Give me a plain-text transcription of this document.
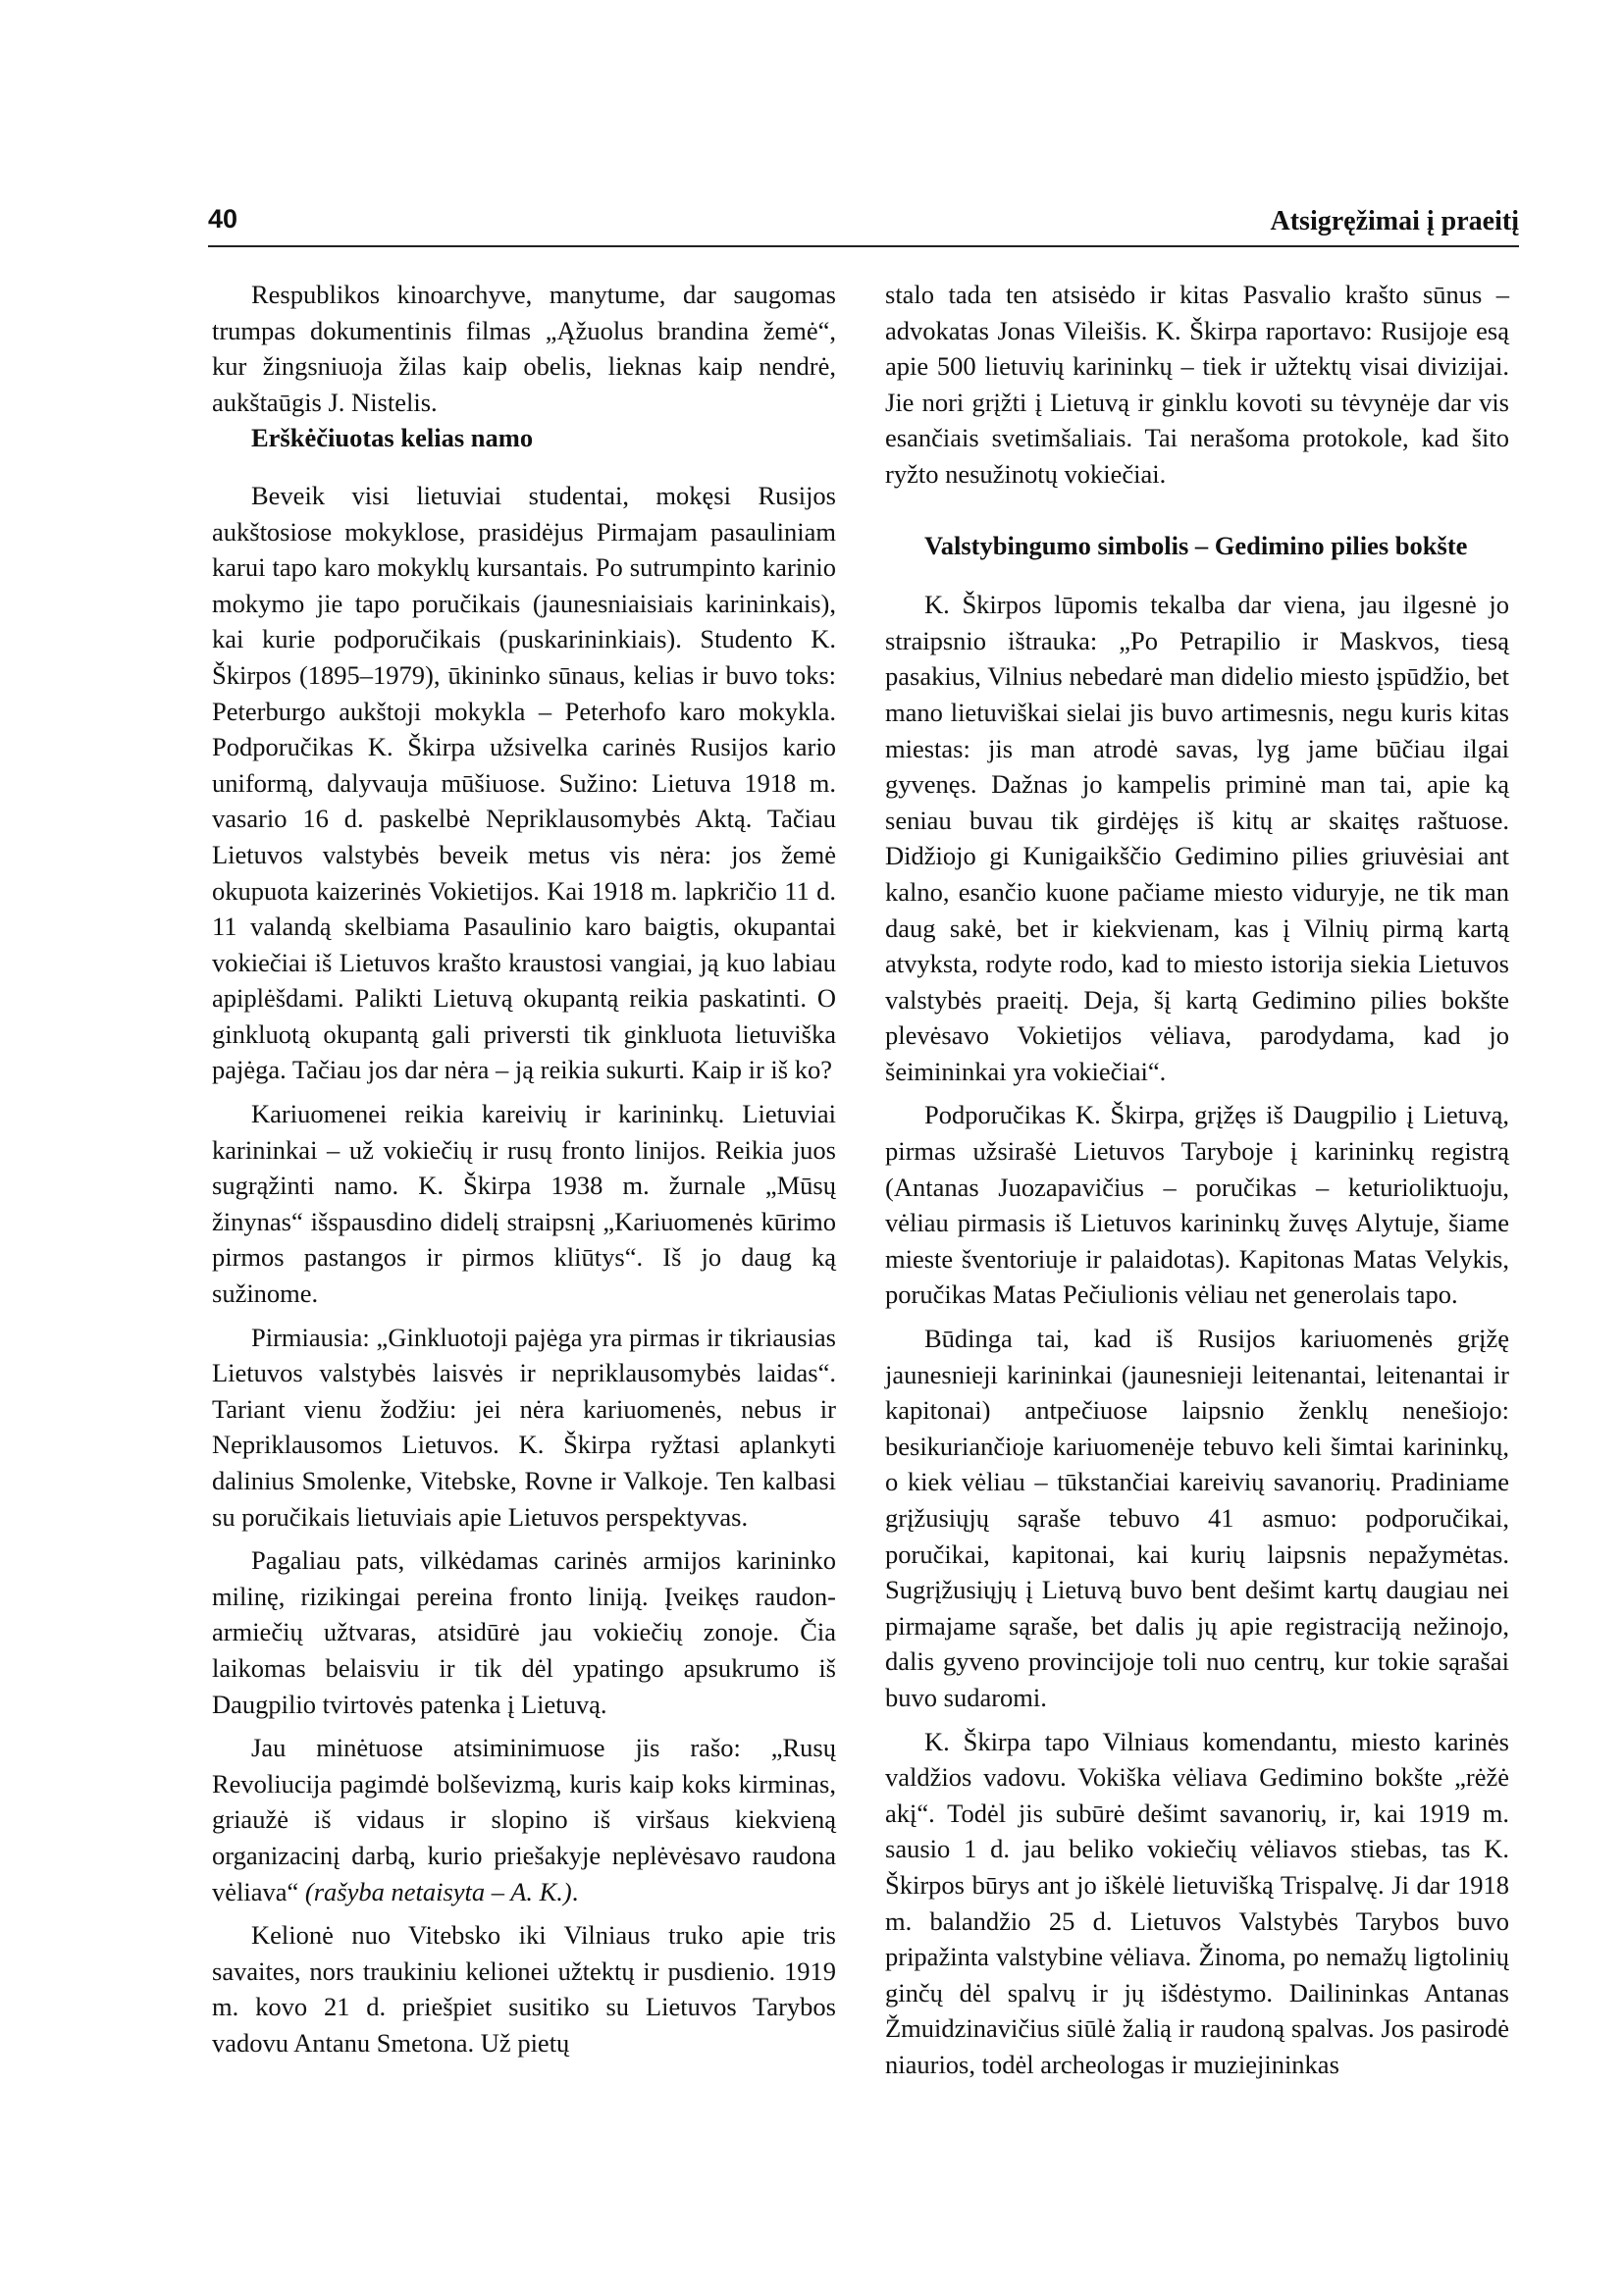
40	Atsigręžimai į praeitį

Respublikos kinoarchyve, manytume, dar saugomas trumpas dokumentinis filmas „Ąžuolus brandina žemė“, kur žingsniuoja žilas kaip obelis, lieknas kaip nendrė, aukštaūgis J. Nistelis.

Erškėčiuotas kelias namo

Beveik visi lietuviai studentai, mokęsi Rusijos aukštosiose mokyklose, prasidėjus Pirmajam pasauliniam karui tapo karo mokyklų kursantais. Po sutrumpinto karinio mokymo jie tapo poručikais (jaunesniaisiais karininkais), kai kurie podporučikais (puskarininkiais). Studento K. Škirpos (1895–1979), ūkininko sūnaus, kelias ir buvo toks: Peterburgo aukštoji mokykla – Peterhofo karo mokykla. Podporučikas K. Škirpa užsivelka carinės Rusijos kario uniformą, dalyvauja mūšiuose. Sužino: Lietuva 1918 m. vasario 16 d. paskelbė Nepriklausomybės Aktą. Tačiau Lietuvos valstybės beveik metus vis nėra: jos žemė okupuota kaizerinės Vokietijos. Kai 1918 m. lapkričio 11 d. 11 valandą skelbiama Pasaulinio karo baigtis, okupantai vokiečiai iš Lietuvos krašto kraustosi vangiai, ją kuo labiau apiplėšdami. Palikti Lietuvą okupantą reikia paskatinti. O ginkluotą okupantą gali priversti tik ginkluota lietuviška pajėga. Tačiau jos dar nėra – ją reikia sukurti. Kaip ir iš ko?

Kariuomenei reikia kareivių ir karininkų. Lietuviai karininkai – už vokiečių ir rusų fronto linijos. Reikia juos sugrąžinti namo. K. Škirpa 1938 m. žurnale „Mūsų žinynas“ išspausdino didelį straipsnį „Kariuomenės kūrimo pirmos pastangos ir pirmos kliūtys“. Iš jo daug ką sužinome.

Pirmiausia: „Ginkluotoji pajėga yra pirmas ir tikriausias Lietuvos valstybės laisvės ir nepriklausomybės laidas“. Tariant vienu žodžiu: jei nėra kariuomenės, nebus ir Nepriklausomos Lietuvos. K. Škirpa ryžtasi aplankyti dalinius Smolenke, Vitebske, Rovne ir Valkoje. Ten kalbasi su poručikais lietuviais apie Lietuvos perspektyvas.

Pagaliau pats, vilkėdamas carinės armijos karininko milinę, rizikingai pereina fronto liniją. Įveikęs raudonarmiečių užtvaras, atsidūrė jau vokiečių zonoje. Čia laikomas belaisviu ir tik dėl ypatingo apsukrumo iš Daugpilio tvirtovės patenka į Lietuvą.

Jau minėtuose atsiminimuose jis rašo: „Rusų Revoliucija pagimdė bolševizmą, kuris kaip koks kirminas, griaužė iš vidaus ir slopino iš viršaus kiekvieną organizacinį darbą, kurio priešakyje neplėvėsavo raudona vėliava“ (rašyba netaisyta – A. K.).

Kelionė nuo Vitebsko iki Vilniaus truko apie tris savaites, nors traukiniu kelionei užtektų ir pusdienio. 1919 m. kovo 21 d. priešpiet susitiko su Lietuvos Tarybos vadovu Antanu Smetona. Už pietų

stalo tada ten atsisėdo ir kitas Pasvalio krašto sūnus – advokatas Jonas Vileišis. K. Škirpa raportavo: Rusijoje esą apie 500 lietuvių karininkų – tiek ir užtektų visai divizijai. Jie nori grįžti į Lietuvą ir ginklu kovoti su tėvynėje dar vis esančiais svetimšaliais. Tai nerašoma protokole, kad šito ryžto nesužinotų vokiečiai.

Valstybingumo simbolis – Gedimino pilies bokšte

K. Škirpos lūpomis tekalba dar viena, jau ilgesnė jo straipsnio ištrauka: „Po Petrapilio ir Maskvos, tiesą pasakius, Vilnius nebedarė man didelio miesto įspūdžio, bet mano lietuviškai sielai jis buvo artimesnis, negu kuris kitas miestas: jis man atrodė savas, lyg jame būčiau ilgai gyvenęs. Dažnas jo kampelis priminė man tai, apie ką seniau buvau tik girdėjęs iš kitų ar skaitęs raštuose. Didžiojo gi Kunigaikščio Gedimino pilies griuvėsiai ant kalno, esančio kuone pačiame miesto viduryje, ne tik man daug sakė, bet ir kiekvienam, kas į Vilnių pirmą kartą atvyksta, rodyte rodo, kad to miesto istorija siekia Lietuvos valstybės praeitį. Deja, šį kartą Gedimino pilies bokšte plevėsavo Vokietijos vėliava, parodydama, kad jo šeimininkai yra vokiečiai“.

Podporučikas K. Škirpa, grįžęs iš Daugpilio į Lietuvą, pirmas užsirašė Lietuvos Taryboje į karininkų registrą (Antanas Juozapavičius – poručikas – keturioliktuoju, vėliau pirmasis iš Lietuvos karininkų žuvęs Alytuje, šiame mieste šventoriuje ir palaidotas). Kapitonas Matas Velykis, poručikas Matas Pečiulionis vėliau net generolais tapo.

Būdinga tai, kad iš Rusijos kariuomenės grįžę jaunesnieji karininkai (jaunesnieji leitenantai, leitenantai ir kapitonai) antpečiuose laipsnio ženklų nenešiojo: besikuriančioje kariuomenėje tebuvo keli šimtai karininkų, o kiek vėliau – tūkstančiai kareivių savanorių. Pradiniame grįžusiųjų sąraše tebuvo 41 asmuo: podporučikai, poručikai, kapitonai, kai kurių laipsnis nepažymėtas. Sugrįžusiųjų į Lietuvą buvo bent dešimt kartų daugiau nei pirmajame sąraše, bet dalis jų apie registraciją nežinojo, dalis gyveno provincijoje toli nuo centrų, kur tokie sąrašai buvo sudaromi.

K. Škirpa tapo Vilniaus komendantu, miesto karinės valdžios vadovu. Vokiška vėliava Gedimino bokšte „rėžė akį“. Todėl jis subūrė dešimt savanorių, ir, kai 1919 m. sausio 1 d. jau beliko vokiečių vėliavos stiebas, tas K. Škirpos būrys ant jo iškėlė lietuvišką Trispalvę. Ji dar 1918 m. balandžio 25 d. Lietuvos Valstybės Tarybos buvo pripažinta valstybine vėliava. Žinoma, po nemažų ligtolinių ginčų dėl spalvų ir jų išdėstymo. Dailininkas Antanas Žmuidzinavičius siūlė žalią ir raudoną spalvas. Jos pasirodė niaurios, todėl archeologas ir muziejininkas
